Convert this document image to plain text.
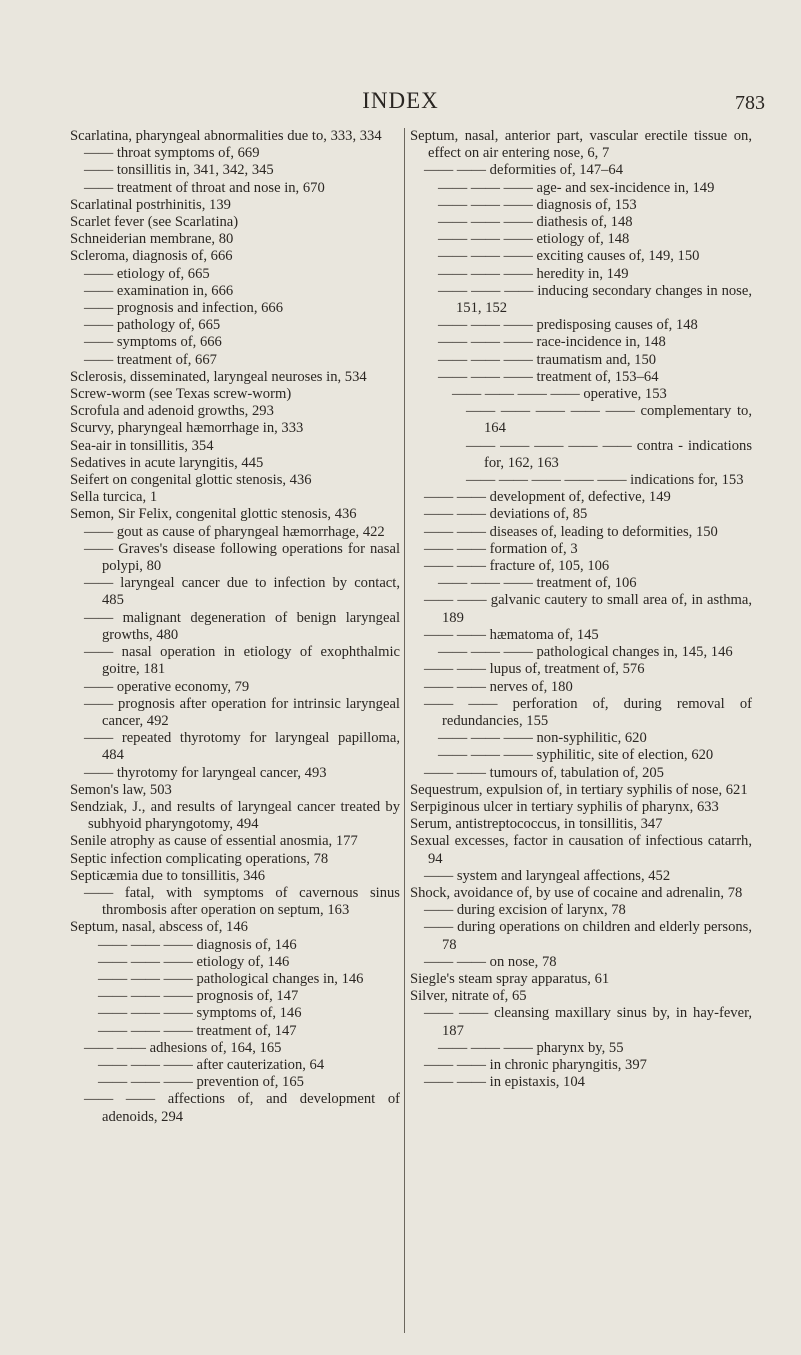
INDEX	783
Scarlatina, pharyngeal abnormalities due to, 333, 334
—— throat symptoms of, 669
—— tonsillitis in, 341, 342, 345
—— treatment of throat and nose in, 670
Scarlatinal postrhinitis, 139
Scarlet fever (see Scarlatina)
Schneiderian membrane, 80
Scleroma, diagnosis of, 666
—— etiology of, 665
—— examination in, 666
—— prognosis and infection, 666
—— pathology of, 665
—— symptoms of, 666
—— treatment of, 667
Sclerosis, disseminated, laryngeal neuroses in, 534
Screw-worm (see Texas screw-worm)
Scrofula and adenoid growths, 293
Scurvy, pharyngeal hæmorrhage in, 333
Sea-air in tonsillitis, 354
Sedatives in acute laryngitis, 445
Seifert on congenital glottic stenosis, 436
Sella turcica, 1
Semon, Sir Felix, congenital glottic stenosis, 436
—— gout as cause of pharyngeal hæmorrhage, 422
—— Graves's disease following operations for nasal polypi, 80
—— laryngeal cancer due to infection by contact, 485
—— malignant degeneration of benign laryngeal growths, 480
—— nasal operation in etiology of exophthalmic goitre, 181
—— operative economy, 79
—— prognosis after operation for intrinsic laryngeal cancer, 492
—— repeated thyrotomy for laryngeal papilloma, 484
—— thyrotomy for laryngeal cancer, 493
Semon's law, 503
Sendziak, J., and results of laryngeal cancer treated by subhyoid pharyngotomy, 494
Senile atrophy as cause of essential anosmia, 177
Septic infection complicating operations, 78
Septicæmia due to tonsillitis, 346
—— fatal, with symptoms of cavernous sinus thrombosis after operation on septum, 163
Septum, nasal, abscess of, 146
—— —— —— diagnosis of, 146
—— —— —— etiology of, 146
—— —— —— pathological changes in, 146
—— —— —— prognosis of, 147
—— —— —— symptoms of, 146
—— —— —— treatment of, 147
—— —— adhesions of, 164, 165
—— —— —— after cauterization, 64
—— —— —— prevention of, 165
—— —— affections of, and development of adenoids, 294
Septum, nasal, anterior part, vascular erectile tissue on, effect on air entering nose, 6, 7
—— —— deformities of, 147–64
—— —— —— age- and sex-incidence in, 149
—— —— —— diagnosis of, 153
—— —— —— diathesis of, 148
—— —— —— etiology of, 148
—— —— —— exciting causes of, 149, 150
—— —— —— heredity in, 149
—— —— —— inducing secondary changes in nose, 151, 152
—— —— —— predisposing causes of, 148
—— —— —— race-incidence in, 148
—— —— —— traumatism and, 150
—— —— —— treatment of, 153–64
—— —— —— —— operative, 153
—— —— —— —— —— complementary to, 164
—— —— —— —— —— contra - indications for, 162, 163
—— —— —— —— —— indications for, 153
—— —— development of, defective, 149
—— —— deviations of, 85
—— —— diseases of, leading to deformities, 150
—— —— formation of, 3
—— —— fracture of, 105, 106
—— —— —— treatment of, 106
—— —— galvanic cautery to small area of, in asthma, 189
—— —— hæmatoma of, 145
—— —— —— pathological changes in, 145, 146
—— —— lupus of, treatment of, 576
—— —— nerves of, 180
—— —— perforation of, during removal of redundancies, 155
—— —— —— non-syphilitic, 620
—— —— —— syphilitic, site of election, 620
—— —— tumours of, tabulation of, 205
Sequestrum, expulsion of, in tertiary syphilis of nose, 621
Serpiginous ulcer in tertiary syphilis of pharynx, 633
Serum, antistreptococcus, in tonsillitis, 347
Sexual excesses, factor in causation of infectious catarrh, 94
—— system and laryngeal affections, 452
Shock, avoidance of, by use of cocaine and adrenalin, 78
—— during excision of larynx, 78
—— during operations on children and elderly persons, 78
—— —— on nose, 78
Siegle's steam spray apparatus, 61
Silver, nitrate of, 65
—— —— cleansing maxillary sinus by, in hay-fever, 187
—— —— —— pharynx by, 55
—— —— in chronic pharyngitis, 397
—— —— in epistaxis, 104
